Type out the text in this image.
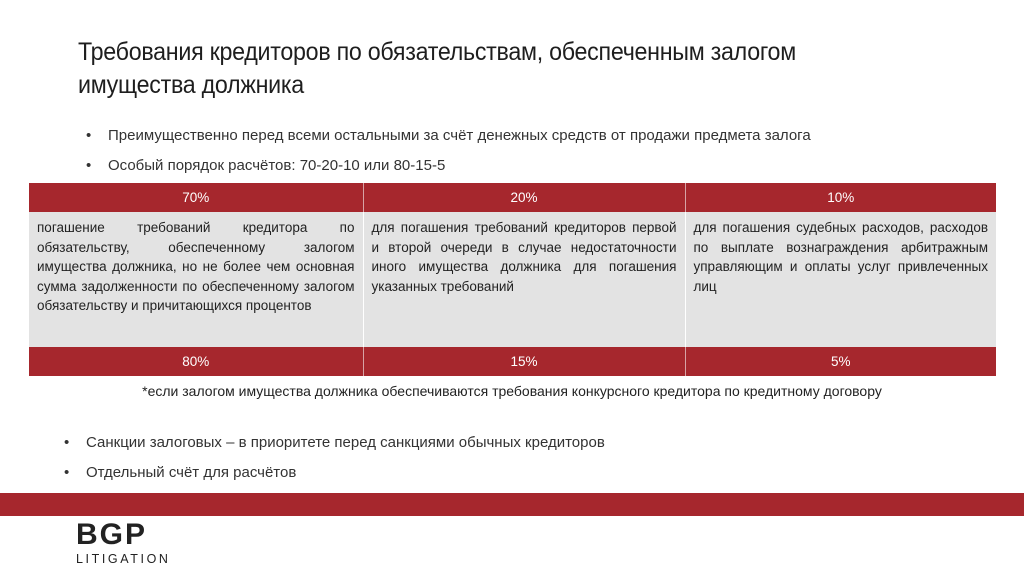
Требования кредиторов по обязательствам, обеспеченным залогом имущества должника
• Преимущественно перед всеми остальными за счёт денежных средств от продажи предмета залога
• Особый порядок расчётов: 70-20-10 или 80-15-5
70%	20%	10%
погашение требований кредитора по обязательству, обеспеченному залогом имущества должника, но не более чем основная сумма задолженности по обеспеченному залогом обязательству и причитающихся процентов	для погашения требований кредиторов первой и второй очереди в случае недостаточности иного имущества должника для погашения указанных требований	для погашения судебных расходов, расходов по выплате вознаграждения арбитражным управляющим и оплаты услуг привлеченных лиц
80%	15%	5%
*если залогом имущества должника обеспечиваются требования конкурсного кредитора по кредитному договору
• Санкции залоговых – в приоритете перед санкциями обычных кредиторов
• Отдельный счёт для расчётов
BGP
LITIGATION
